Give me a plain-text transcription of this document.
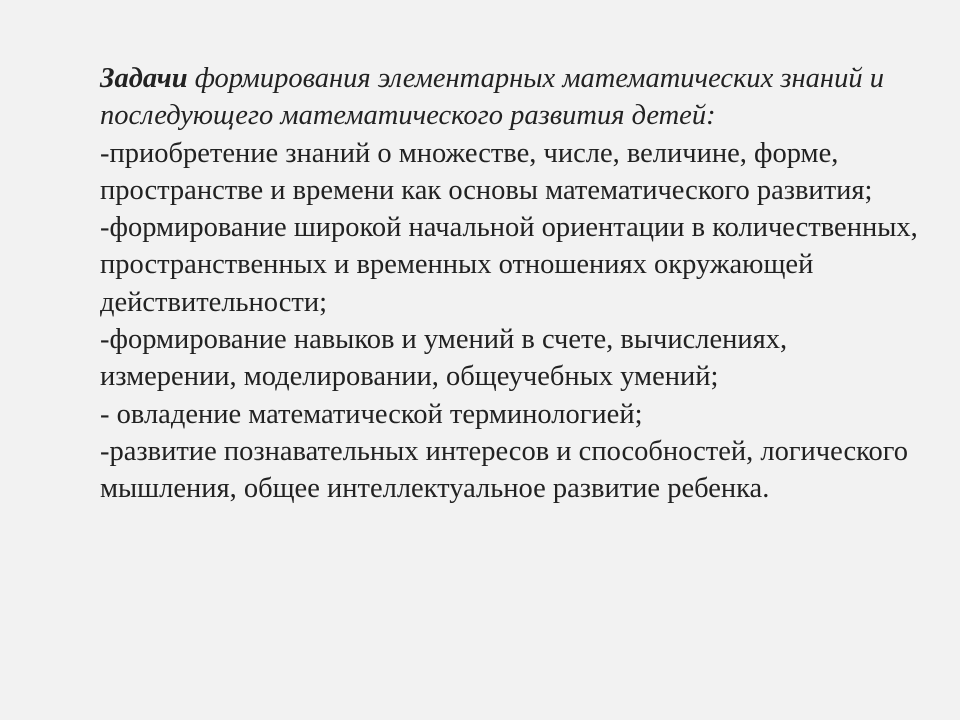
Задачи формирования элементарных математических знаний и последующего математического развития детей:

-приобретение знаний о множестве, числе, величине, форме, пространстве и времени как основы математического развития;
-формирование широкой начальной ориентации в количественных, пространственных и временных отношениях окружающей действительности;
-формирование навыков и умений в счете, вычислениях, измерении, моделировании, общеучебных умений;
- овладение математической терминологией;
-развитие познавательных интересов и способностей, логического мышления, общее интеллектуальное развитие ребенка.
